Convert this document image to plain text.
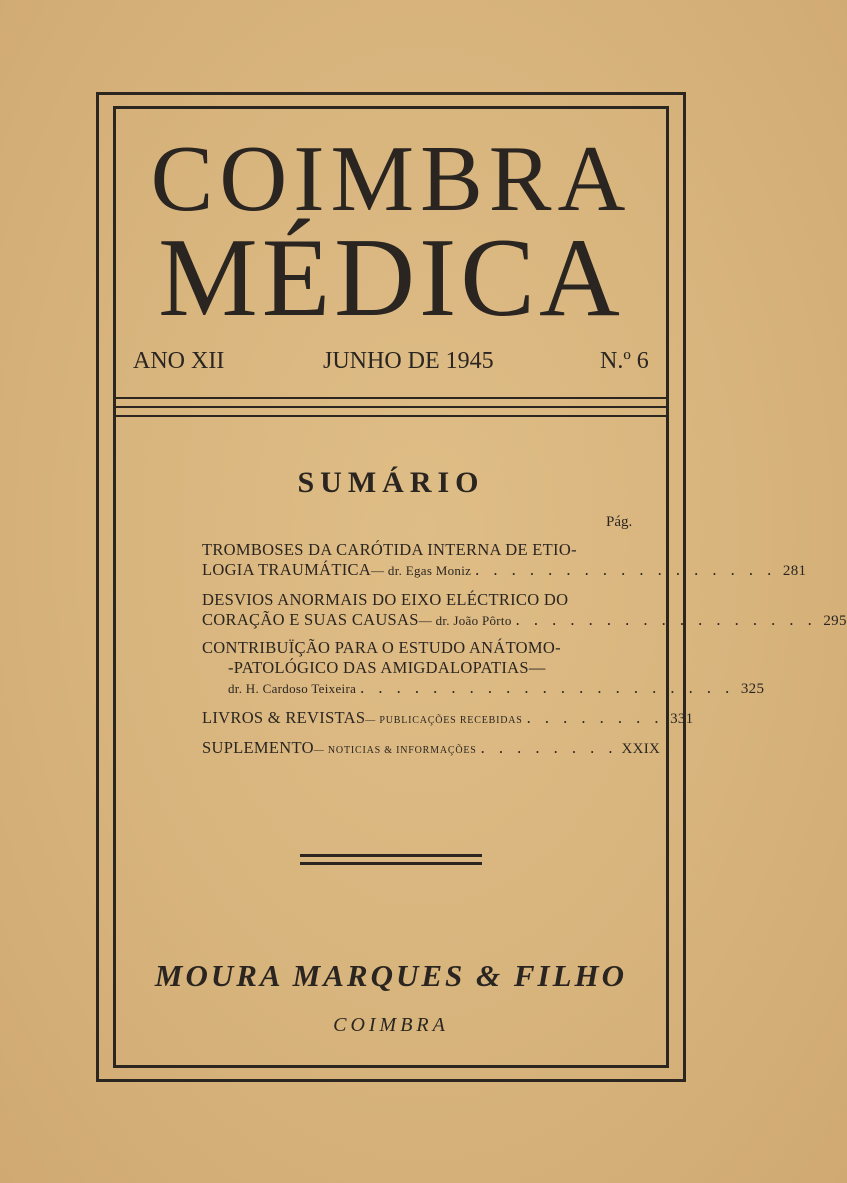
COIMBRA
MÉDICA
ANO XII	JUNHO DE 1945	N.º 6
SUMÁRIO
Pág.
TROMBOSES DA CARÓTIDA INTERNA DE ETIO-
LOGIA TRAUMÁTICA — dr. Egas Moniz . . . . . . . . . . . . . . . . . 281
DESVIOS ANORMAIS DO EIXO ELÉCTRICO DO
CORAÇÃO E SUAS CAUSAS — dr. João Pôrto . . . . . . . . . . . . . . . . . 295
CONTRIBUÏÇÃO PARA O ESTUDO ANÁTOMO-
-PATOLÓGICO DAS AMIGDALOPATIAS—
dr. H. Cardoso Teixeira . . . . . . . . . . . . . . . . . . . . . 325
LIVROS & REVISTAS — PUBLICAÇÕES RECEBIDAS . . . . . . . . 331
SUPLEMENTO — NOTICIAS & INFORMAÇÕES . . . . . . . . XXIX
MOURA MARQUES & FILHO
COIMBRA
